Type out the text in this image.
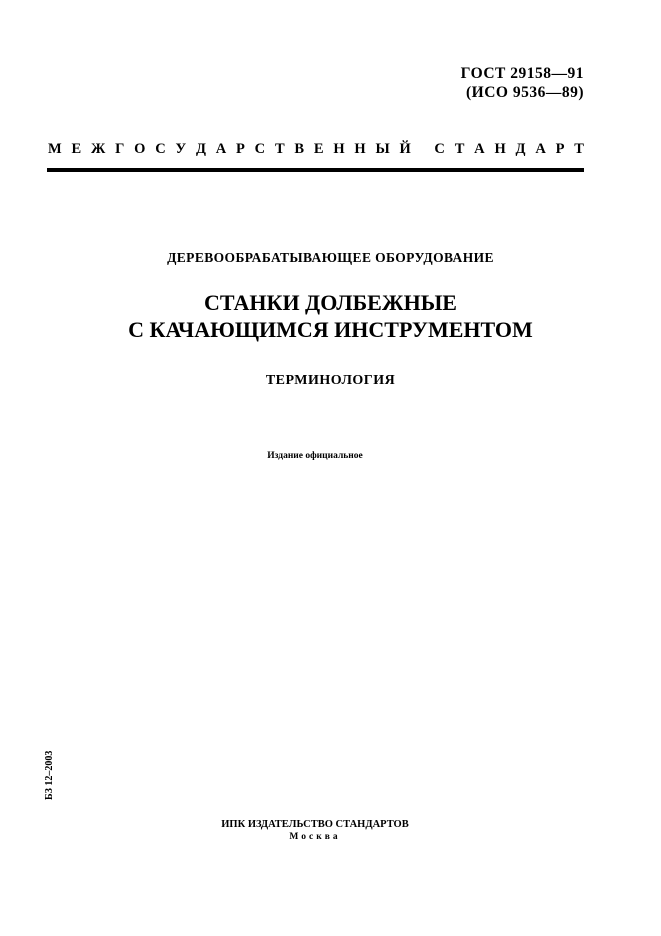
ГОСТ 29158—91
(ИСО 9536—89)
М Е Ж Г О С У Д А Р С Т В Е Н Н Ы Й С Т А Н Д А Р Т
ДЕРЕВООБРАБАТЫВАЮЩЕЕ ОБОРУДОВАНИЕ
СТАНКИ ДОЛБЕЖНЫЕ
С КАЧАЮЩИМСЯ ИНСТРУМЕНТОМ
ТЕРМИНОЛОГИЯ
Издание официальное
БЗ 12–2003
ИПК ИЗДАТЕЛЬСТВО СТАНДАРТОВ
Москва
